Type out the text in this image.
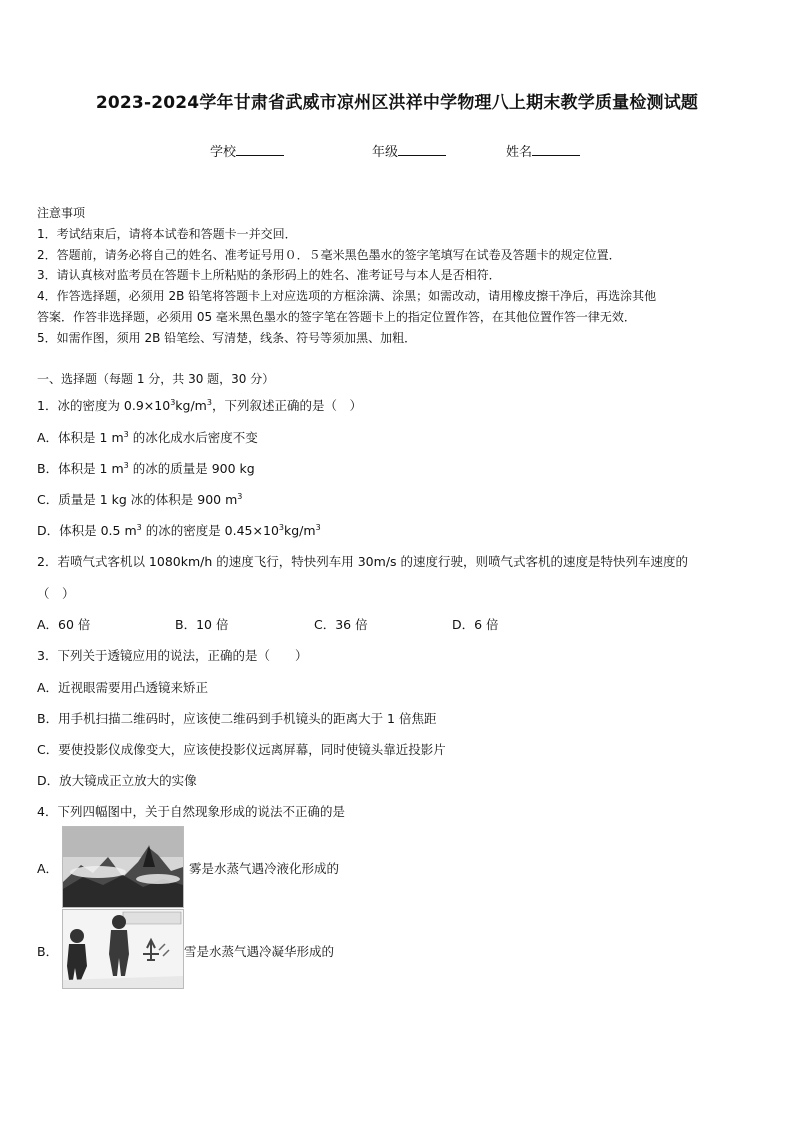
2023-2024学年甘肃省武威市凉州区洪祥中学物理八上期末教学质量检测试题
学校	年级	姓名
注意事项
1．考试结束后，请将本试卷和答题卡一并交回．
2．答题前，请务必将自己的姓名、准考证号用０．５毫米黑色墨水的签字笔填写在试卷及答题卡的规定位置．
3．请认真核对监考员在答题卡上所粘贴的条形码上的姓名、准考证号与本人是否相符．
4．作答选择题，必须用 2B 铅笔将答题卡上对应选项的方框涂满、涂黑；如需改动，请用橡皮擦干净后，再选涂其他
答案．作答非选择题，必须用 05 毫米黑色墨水的签字笔在答题卡上的指定位置作答，在其他位置作答一律无效．
5．如需作图，须用 2B 铅笔绘、写清楚，线条、符号等须加黑、加粗．
一、选择题（每题 1 分，共 30 题，30 分）
1．冰的密度为 $0.9\times 10^3kg/m^3$，下列叙述正确的是（　）
A．体积是 1 $m^3$ 的冰化成水后密度不变
B．体积是 1 $m^3$ 的冰的质量是 900 kg
C．质量是 1 kg 冰的体积是 900 $m^3$
D．体积是 0.5 $m^3$ 的冰的密度是 $0.45\times 10^3kg/m^3$
2．若喷气式客机以 1080km/h 的速度飞行，特快列车用 30m/s 的速度行驶，则喷气式客机的速度是特快列车速度的
（　）
A．60 倍	B．10 倍	C．36 倍	D．6 倍
3．下列关于透镜应用的说法，正确的是（　　）
A．近视眼需要用凸透镜来矫正
B．用手机扫描二维码时，应该使二维码到手机镜头的距离大于 1 倍焦距
C．要使投影仪成像变大，应该使投影仪远离屏幕，同时使镜头靠近投影片
D．放大镜成正立放大的实像
4．下列四幅图中，关于自然现象形成的说法不正确的是
A．	雾是水蒸气遇冷液化形成的
B．	雪是水蒸气遇冷凝华形成的
